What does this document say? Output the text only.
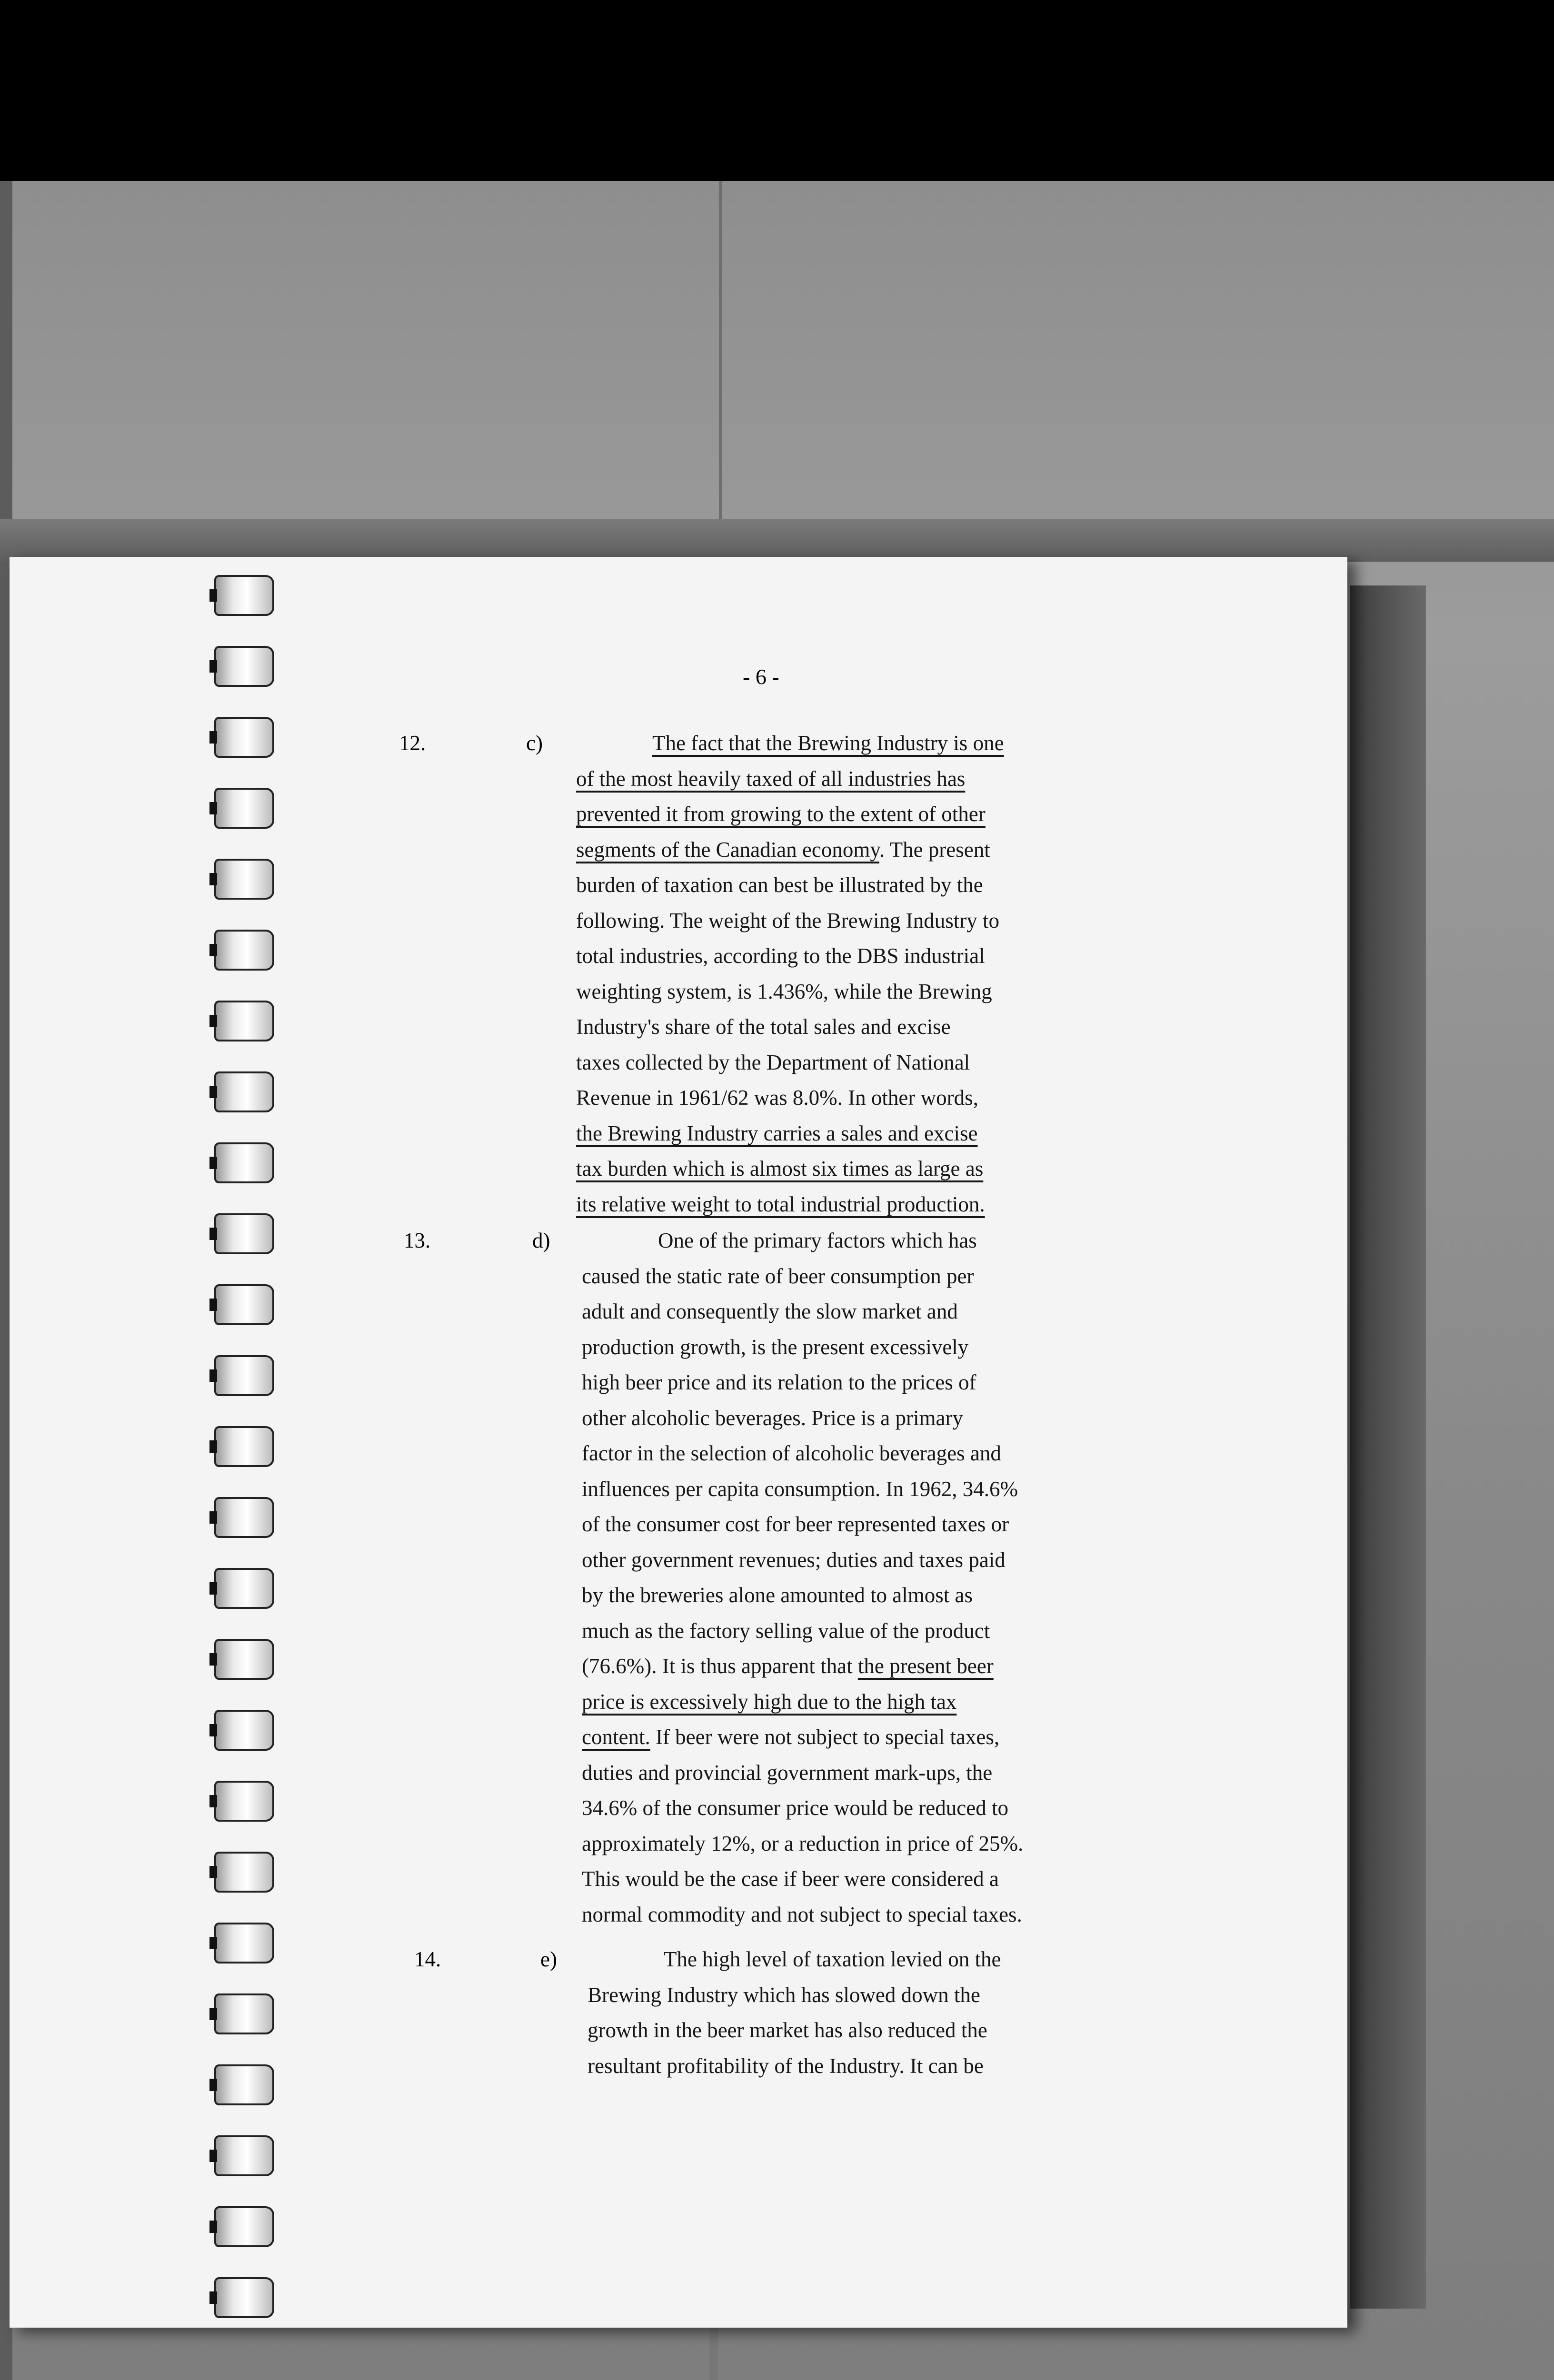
- 6 -
12.	c)	The fact that the Brewing Industry is one
of the most heavily taxed of all industries has
prevented it from growing to the extent of other
segments of the Canadian economy. The present
burden of taxation can best be illustrated by the
following. The weight of the Brewing Industry to
total industries, according to the DBS industrial
weighting system, is 1.436%, while the Brewing
Industry's share of the total sales and excise
taxes collected by the Department of National
Revenue in 1961/62 was 8.0%. In other words,
the Brewing Industry carries a sales and excise
tax burden which is almost six times as large as
its relative weight to total industrial production.
13.	d)	One of the primary factors which has
caused the static rate of beer consumption per
adult and consequently the slow market and
production growth, is the present excessively
high beer price and its relation to the prices of
other alcoholic beverages. Price is a primary
factor in the selection of alcoholic beverages and
influences per capita consumption. In 1962, 34.6%
of the consumer cost for beer represented taxes or
other government revenues; duties and taxes paid
by the breweries alone amounted to almost as
much as the factory selling value of the product
(76.6%). It is thus apparent that the present beer
price is excessively high due to the high tax
content. If beer were not subject to special taxes,
duties and provincial government mark-ups, the
34.6% of the consumer price would be reduced to
approximately 12%, or a reduction in price of 25%.
This would be the case if beer were considered a
normal commodity and not subject to special taxes.
14.	e)	The high level of taxation levied on the
Brewing Industry which has slowed down the
growth in the beer market has also reduced the
resultant profitability of the Industry. It can be
